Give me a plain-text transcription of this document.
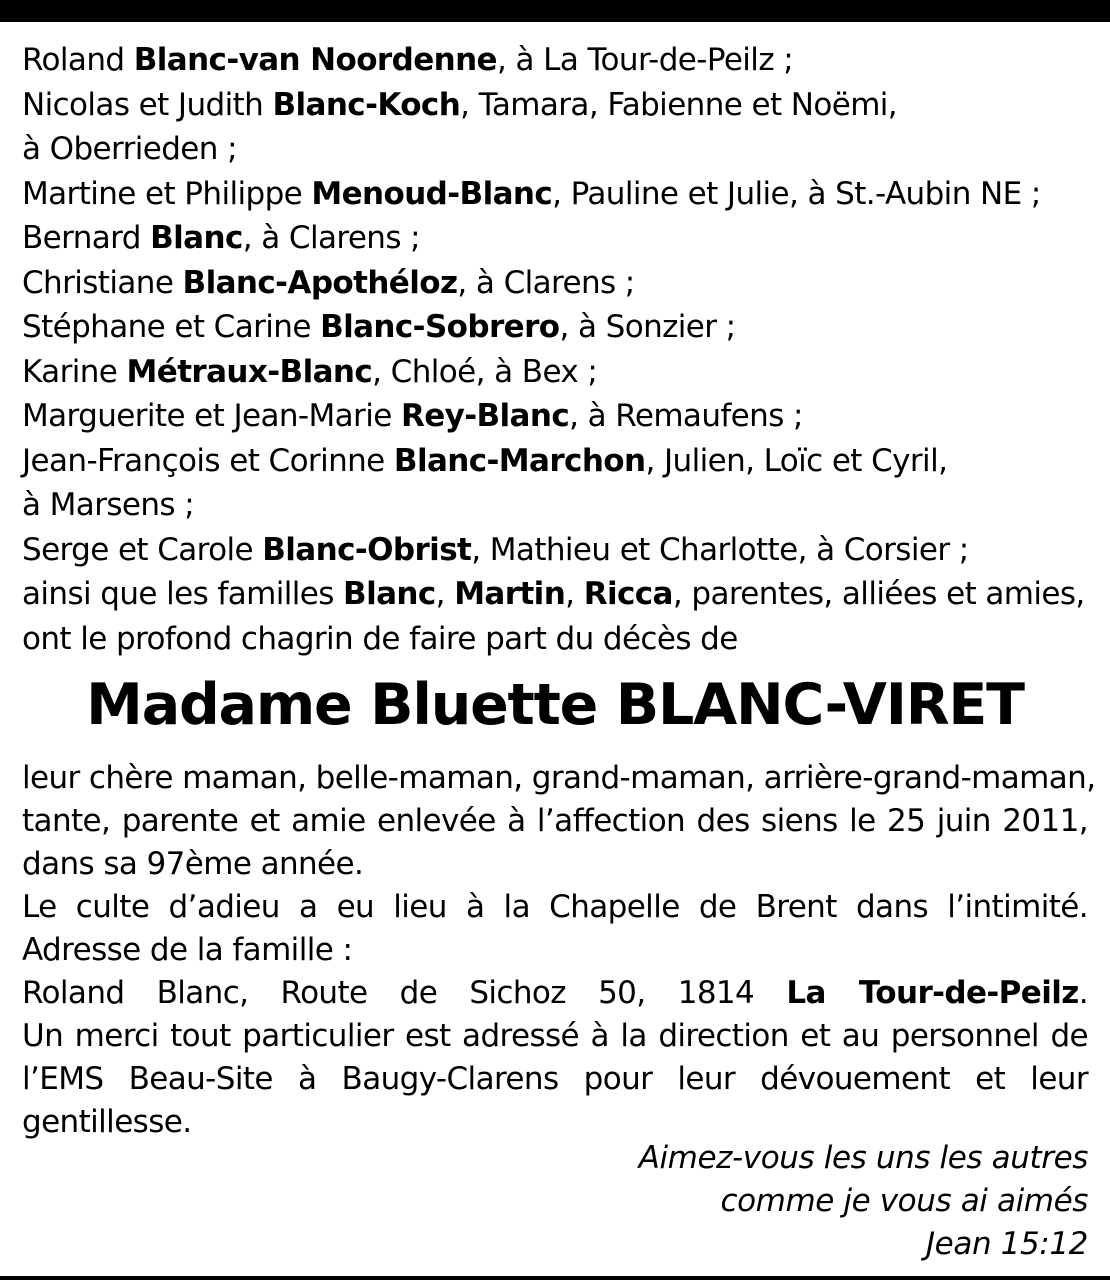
Roland Blanc-van Noordenne, à La Tour-de-Peilz ;
Nicolas et Judith Blanc-Koch, Tamara, Fabienne et Noëmi,
à Oberrieden ;
Martine et Philippe Menoud-Blanc, Pauline et Julie, à St.-Aubin NE ;
Bernard Blanc, à Clarens ;
Christiane Blanc-Apothéloz, à Clarens ;
Stéphane et Carine Blanc-Sobrero, à Sonzier ;
Karine Métraux-Blanc, Chloé, à Bex ;
Marguerite et Jean-Marie Rey-Blanc, à Remaufens ;
Jean-François et Corinne Blanc-Marchon, Julien, Loïc et Cyril,
à Marsens ;
Serge et Carole Blanc-Obrist, Mathieu et Charlotte, à Corsier ;
ainsi que les familles Blanc, Martin, Ricca, parentes, alliées et amies,
ont le profond chagrin de faire part du décès de
Madame Bluette BLANC-VIRET
leur chère maman, belle-maman, grand-maman, arrière-grand-maman,
tante, parente et amie enlevée à l’affection des siens le 25 juin 2011,
dans sa 97ème année.
Le culte d’adieu a eu lieu à la Chapelle de Brent dans l’intimité.
Adresse de la famille :
Roland Blanc, Route de Sichoz 50, 1814 La Tour-de-Peilz.
Un merci tout particulier est adressé à la direction et au personnel de
l’EMS Beau-Site à Baugy-Clarens pour leur dévouement et leur
gentillesse.
Aimez-vous les uns les autres
comme je vous ai aimés
Jean 15:12
